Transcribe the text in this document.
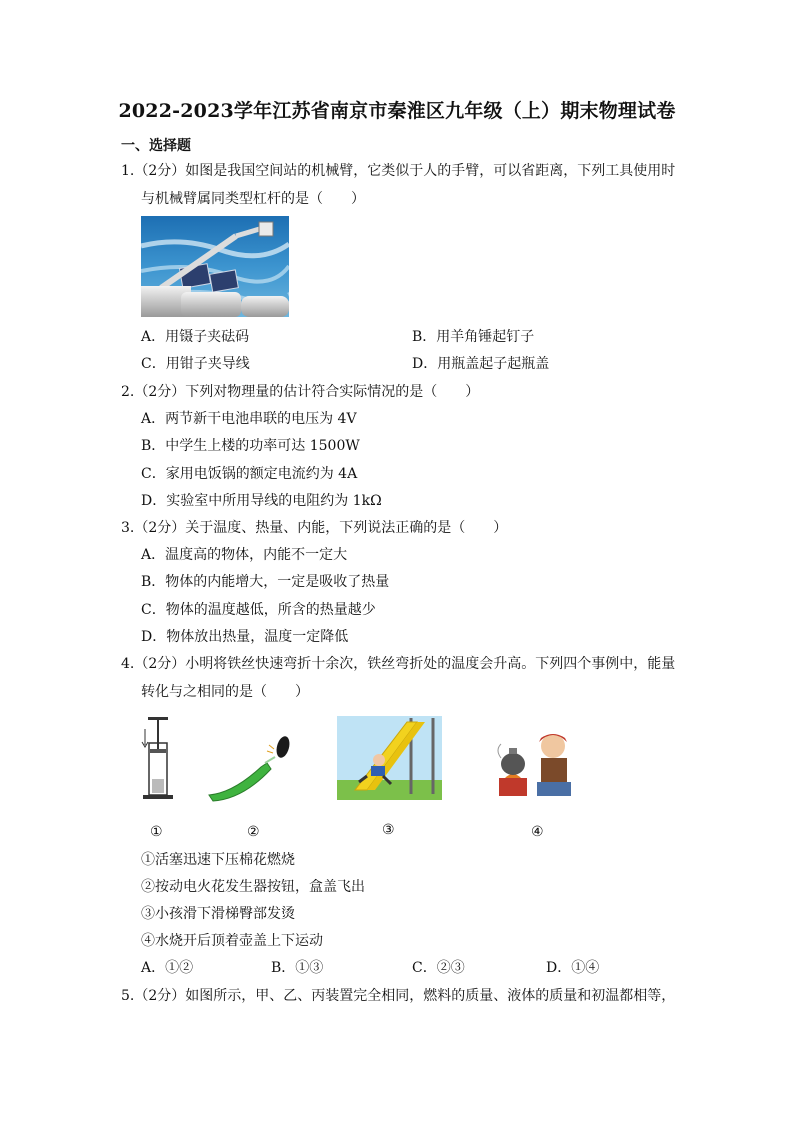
2022-2023学年江苏省南京市秦淮区九年级（上）期末物理试卷
一、选择题
1.（2分）如图是我国空间站的机械臂，它类似于人的手臂，可以省距离，下列工具使用时
与机械臂属同类型杠杆的是（　　）
A．用镊子夹砝码	B．用羊角锤起钉子
C．用钳子夹导线	D．用瓶盖起子起瓶盖
2.（2分）下列对物理量的估计符合实际情况的是（　　）
A．两节新干电池串联的电压为 4V
B．中学生上楼的功率可达 1500W
C．家用电饭锅的额定电流约为 4A
D．实验室中所用导线的电阻约为 1kΩ
3.（2分）关于温度、热量、内能，下列说法正确的是（　　）
A．温度高的物体，内能不一定大
B．物体的内能增大，一定是吸收了热量
C．物体的温度越低，所含的热量越少
D．物体放出热量，温度一定降低
4.（2分）小明将铁丝快速弯折十余次，铁丝弯折处的温度会升高。下列四个事例中，能量
转化与之相同的是（　　）
①	②	③	④
①活塞迅速下压棉花燃烧
②按动电火花发生器按钮，盒盖飞出
③小孩滑下滑梯臀部发烫
④水烧开后顶着壶盖上下运动
A．①②	B．①③	C．②③	D．①④
5.（2分）如图所示，甲、乙、丙装置完全相同，燃料的质量、液体的质量和初温都相等，
